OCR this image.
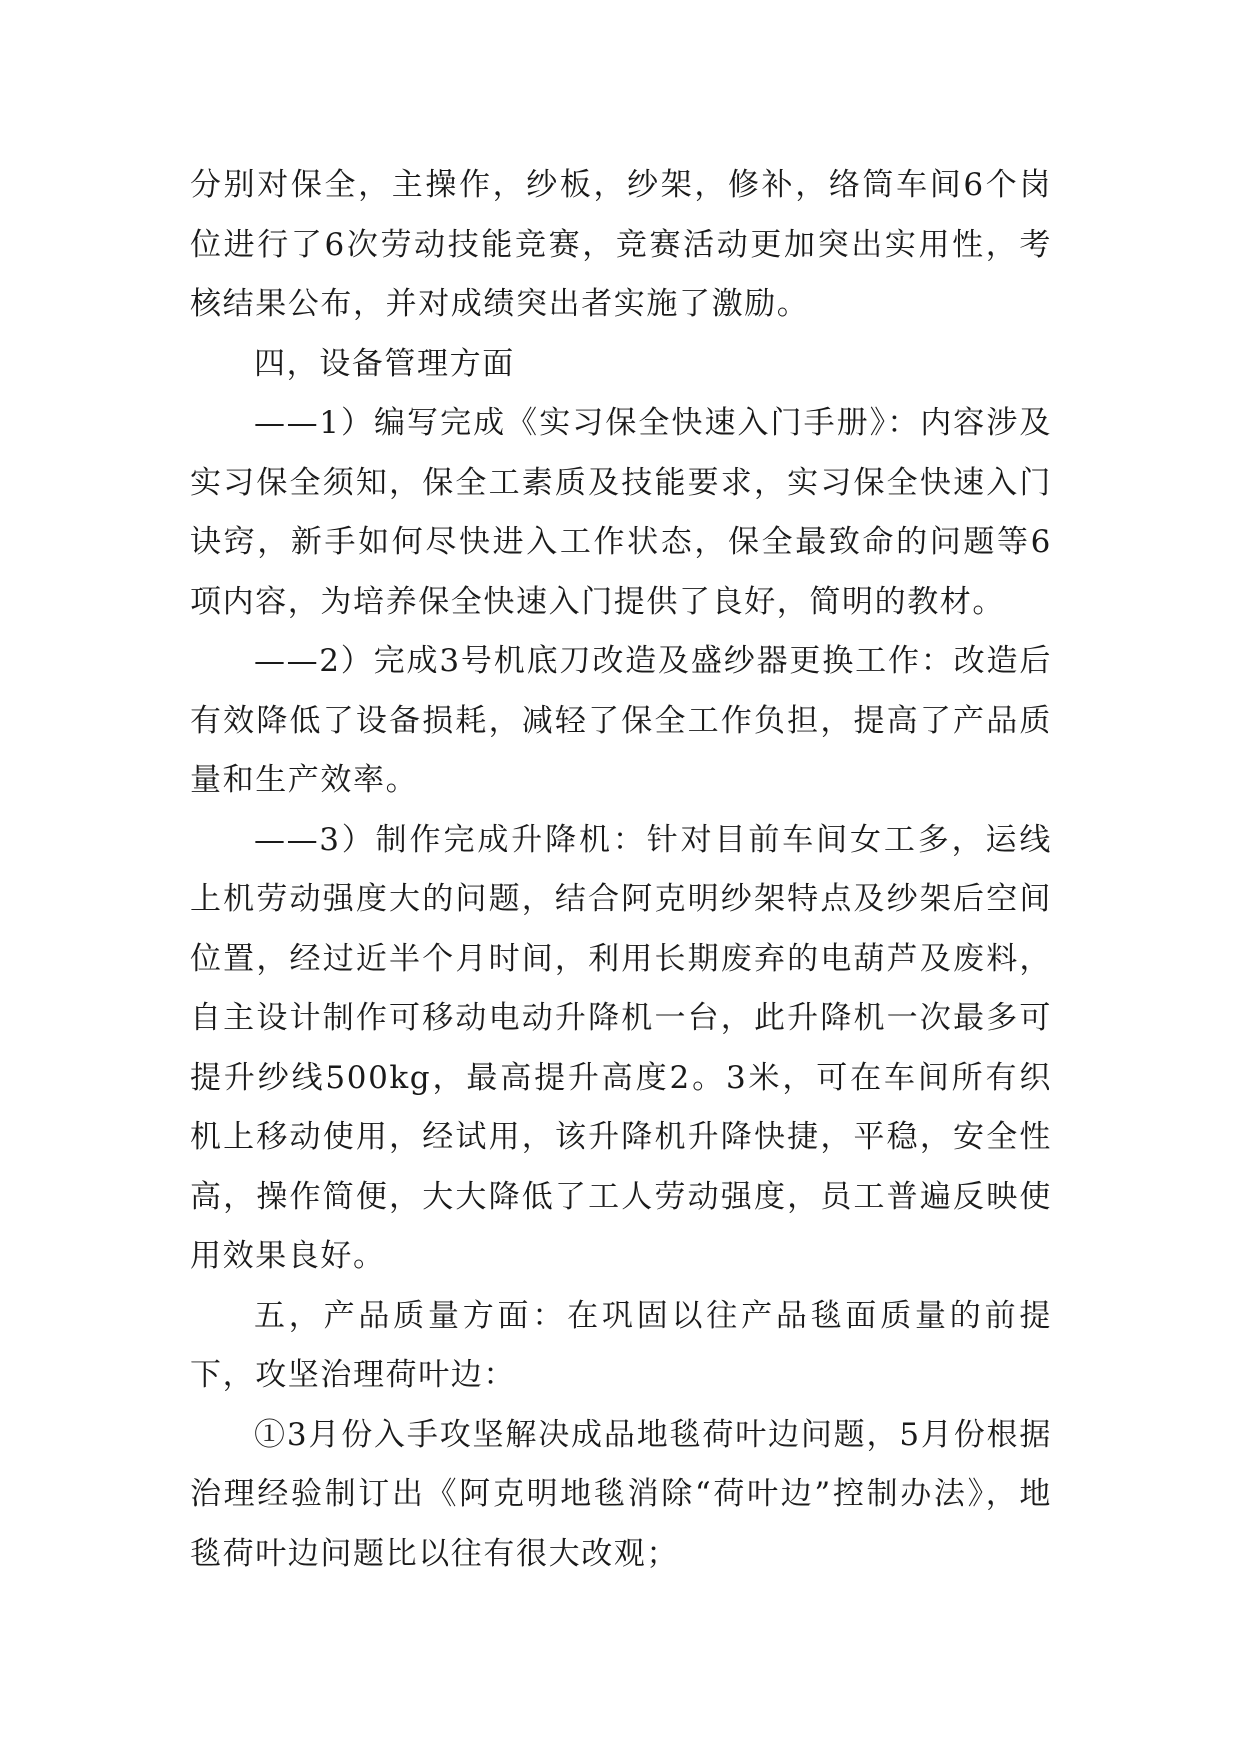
分别对保全，主操作，纱板，纱架，修补，络筒车间6个岗位进行了6次劳动技能竞赛，竞赛活动更加突出实用性，考核结果公布，并对成绩突出者实施了激励。

四，设备管理方面

——1）编写完成《实习保全快速入门手册》：内容涉及实习保全须知，保全工素质及技能要求，实习保全快速入门诀窍，新手如何尽快进入工作状态，保全最致命的问题等6项内容，为培养保全快速入门提供了良好，简明的教材。

——2）完成3号机底刀改造及盛纱器更换工作：改造后有效降低了设备损耗，减轻了保全工作负担，提高了产品质量和生产效率。

——3）制作完成升降机：针对目前车间女工多，运线上机劳动强度大的问题，结合阿克明纱架特点及纱架后空间位置，经过近半个月时间，利用长期废弃的电葫芦及废料，自主设计制作可移动电动升降机一台，此升降机一次最多可提升纱线500kg，最高提升高度2。3米，可在车间所有织机上移动使用，经试用，该升降机升降快捷，平稳，安全性高，操作简便，大大降低了工人劳动强度，员工普遍反映使用效果良好。

五，产品质量方面：在巩固以往产品毯面质量的前提下，攻坚治理荷叶边：

①3月份入手攻坚解决成品地毯荷叶边问题，5月份根据治理经验制订出《阿克明地毯消除“荷叶边”控制办法》，地毯荷叶边问题比以往有很大改观；
